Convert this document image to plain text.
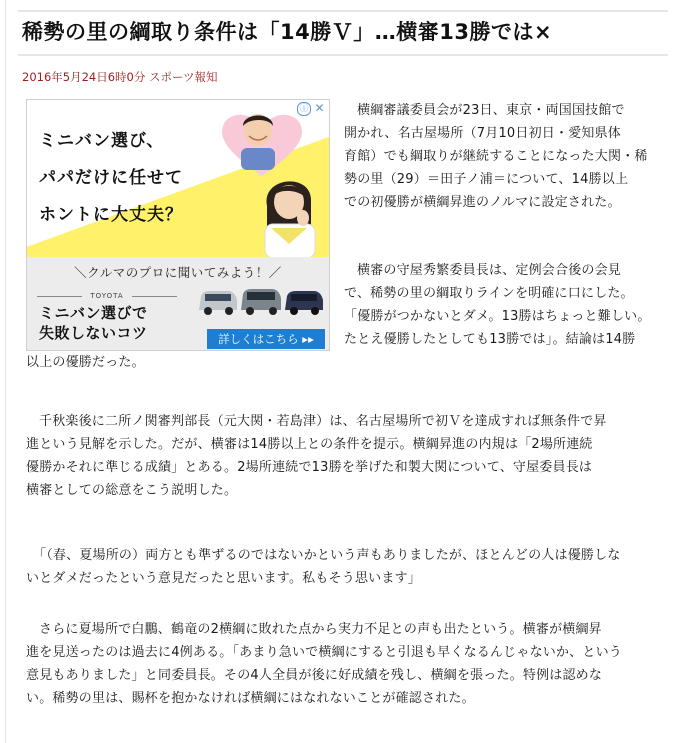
稀勢の里の綱取り条件は「14勝Ｖ」…横審13勝では×
2016年5月24日6時0分 スポーツ報知
ミニバン選び、
パパだけに任せて
ホントに大丈夫？
＼クルマのプロに聞いてみよう！／
TOYOTA
ミニバン選びで
失敗しないコツ	詳しくはこちら ▸▸
ⓘ ✕	横綱審議委員会が23日、東京・両国国技館で
開かれ、名古屋場所（7月10日初日・愛知県体
育館）でも綱取りが継続することになった大関・稀
勢の里（29）＝田子ノ浦＝について、14勝以上
での初優勝が横綱昇進のノルマに設定された。
横審の守屋秀繁委員長は、定例会合後の会見
で、稀勢の里の綱取りラインを明確に口にした。
「優勝がつかないとダメ。13勝はちょっと難しい。
たとえ優勝したとしても13勝では」。結論は14勝
以上の優勝だった。
千秋楽後に二所ノ関審判部長（元大関・若島津）は、名古屋場所で初Ｖを達成すれば無条件で昇
進という見解を示した。だが、横審は14勝以上との条件を提示。横綱昇進の内規は「2場所連続
優勝かそれに準じる成績」とある。2場所連続で13勝を挙げた和製大関について、守屋委員長は
横審としての総意をこう説明した。
「（春、夏場所の）両方とも準ずるのではないかという声もありましたが、ほとんどの人は優勝しな
いとダメだったという意見だったと思います。私もそう思います」
さらに夏場所で白鵬、鶴竜の2横綱に敗れた点から実力不足との声も出たという。横審が横綱昇
進を見送ったのは過去に4例ある。「あまり急いで横綱にすると引退も早くなるんじゃないか、という
意見もありました」と同委員長。その4人全員が後に好成績を残し、横綱を張った。特例は認めな
い。稀勢の里は、賜杯を抱かなければ横綱にはなれないことが確認された。
